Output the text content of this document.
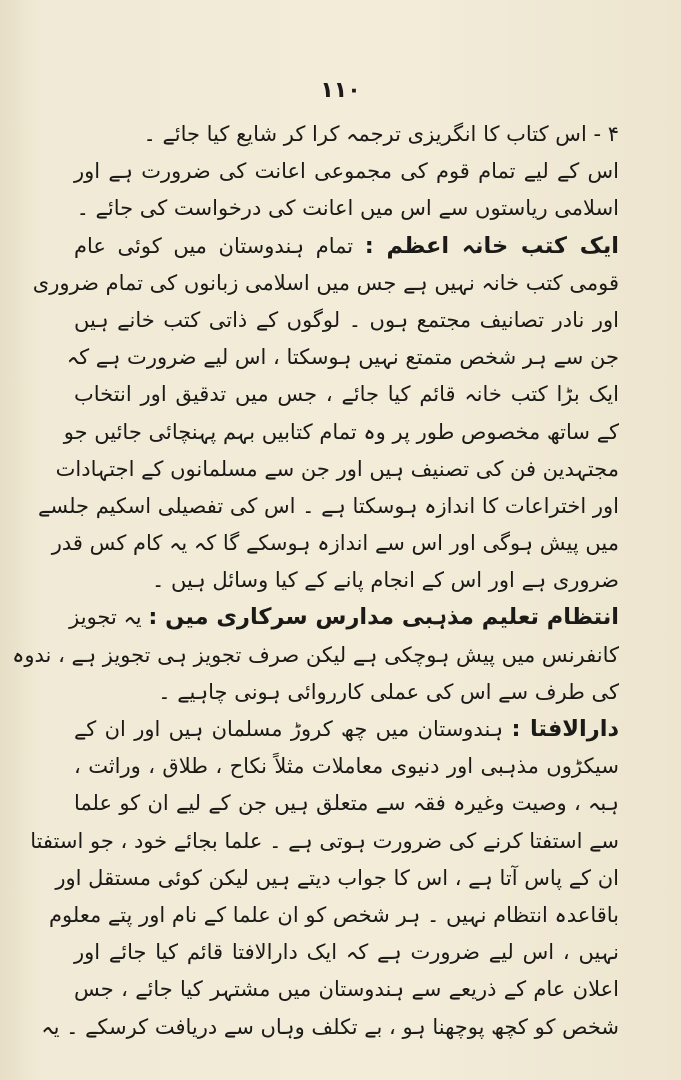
۱۱۰
۴ - اس کتاب کا انگریزی ترجمہ کرا کر شایع کیا جائے ۔
اس کے لیے تمام قوم کی مجموعی اعانت کی ضرورت ہے اور
اسلامی ریاستوں سے اس میں اعانت کی درخواست کی جائے ۔
ایک کتب خانہ اعظم : تمام ہندوستان میں کوئی عام
قومی کتب خانہ نہیں ہے جس میں اسلامی زبانوں کی تمام ضروری
اور نادر تصانیف مجتمع ہوں ۔ لوگوں کے ذاتی کتب خانے ہیں
جن سے ہر شخص متمتع نہیں ہوسکتا ، اس لیے ضرورت ہے کہ
ایک بڑا کتب خانہ قائم کیا جائے ، جس میں تدقیق اور انتخاب
کے ساتھ مخصوص طور پر وہ تمام کتابیں بہم پہنچائی جائیں جو
مجتہدین فن کی تصنیف ہیں اور جن سے مسلمانوں کے اجتہادات
اور اختراعات کا اندازہ ہوسکتا ہے ۔ اس کی تفصیلی اسکیم جلسے
میں پیش ہوگی اور اس سے اندازہ ہوسکے گا کہ یہ کام کس قدر
ضروری ہے اور اس کے انجام پانے کے کیا وسائل ہیں ۔
انتظام تعلیم مذہبی مدارس سرکاری میں : یہ تجویز
کانفرنس میں پیش ہوچکی ہے لیکن صرف تجویز ہی تجویز ہے ، ندوہ
کی طرف سے اس کی عملی کارروائی ہونی چاہیے ۔
دارالافتا : ہندوستان میں چھ کروڑ مسلمان ہیں اور ان کے
سیکڑوں مذہبی اور دنیوی معاملات مثلاً نکاح ، طلاق ، وراثت ،
ہبہ ، وصیت وغیرہ فقہ سے متعلق ہیں جن کے لیے ان کو علما
سے استفتا کرنے کی ضرورت ہوتی ہے ۔ علما بجائے خود ، جو استفتا
ان کے پاس آتا ہے ، اس کا جواب دیتے ہیں لیکن کوئی مستقل اور
باقاعدہ انتظام نہیں ۔ ہر شخص کو ان علما کے نام اور پتے معلوم
نہیں ، اس لیے ضرورت ہے کہ ایک دارالافتا قائم کیا جائے اور
اعلان عام کے ذریعے سے ہندوستان میں مشتہر کیا جائے ، جس
شخص کو کچھ پوچھنا ہو ، بے تکلف وہاں سے دریافت کرسکے ۔ یہ
